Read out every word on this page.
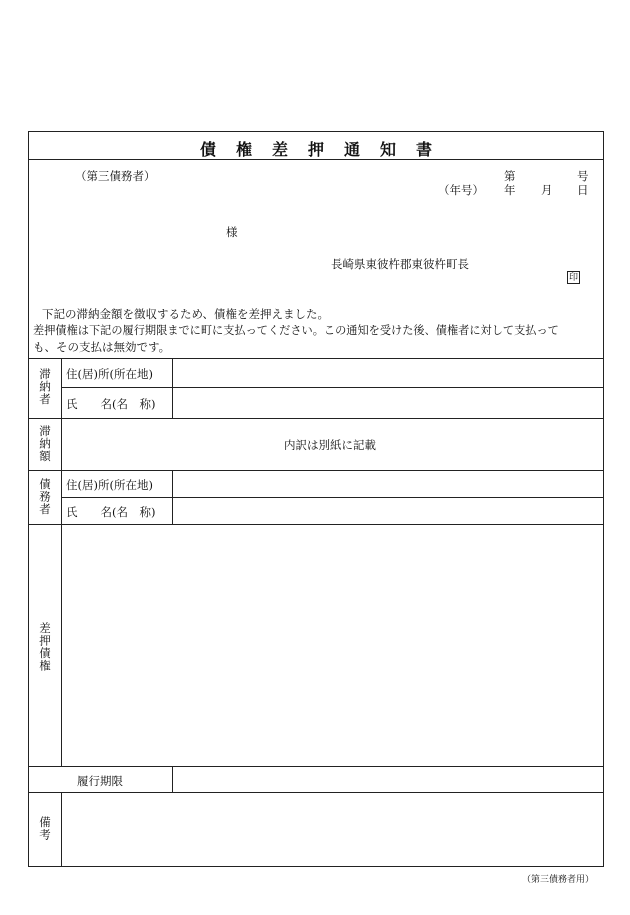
債 権 差 押 通 知 書
（第三債務者）	第	号
（年号） 年 月 日
様
長崎県東彼杵郡東彼杵町長
印
下記の滞納金額を徴収するため、債権を差押えました。
差押債権は下記の履行期限までに町に支払ってください。この通知を受けた後、債権者に対して支払って
も、その支払は無効です。
滞納者 住(居)所(所在地)
氏　　名(名　称)
滞納額	内訳は別紙に記載
債務者 住(居)所(所在地)
氏　　名(名　称)
差押債権
履行期限
備考
（第三債務者用）
